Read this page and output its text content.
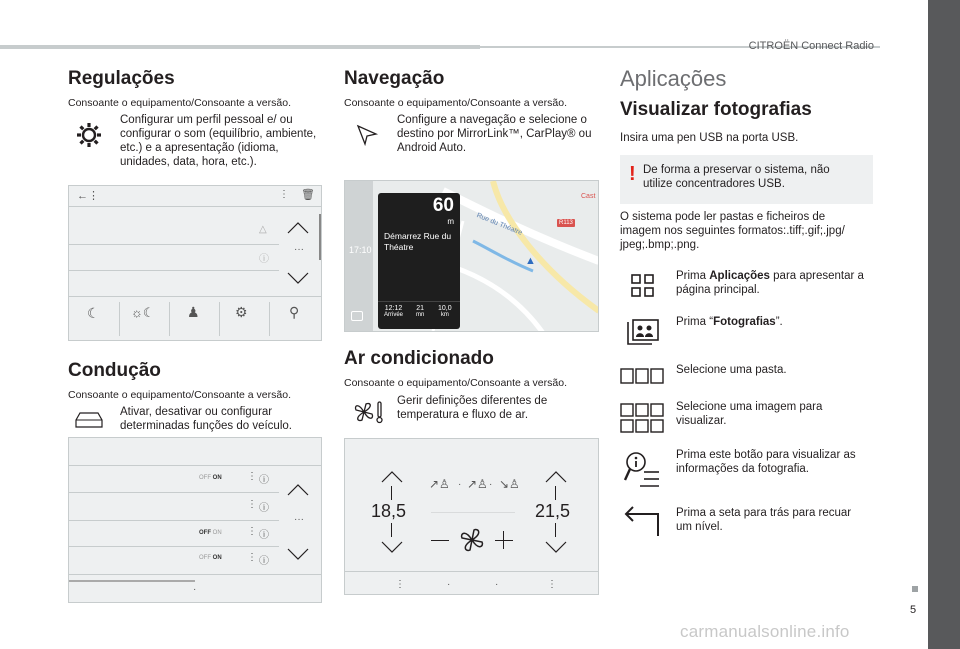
CITROËN Connect Radio
5
carmanualsonline.info
Regulações
Consoante o equipamento/Consoante a versão.
Configurar um perfil pessoal e/ ou configurar o som (equilíbrio, ambiente, etc.) e a apresentação (idioma, unidades, data, hora, etc.).
←⋮	⋮ 🗑
△
ⓘ
···
☾ ☼☾ ♟	⚙	⚲
Condução
Consoante o equipamento/Consoante a versão.
Ativar, desativar ou configurar determinadas funções do veículo.
OFF ON	⋮ ⓘ
⋮ ⓘ
OFF ON	⋮ ⓘ
OFF ON	⋮ ⓘ
···
·
Navegação
Consoante o equipamento/Consoante a versão.
Configure a navegação e selecione o destino por MirrorLink™, CarPlay® ou Android Auto.
17:10
R113
Rue du Théatre
Cast
▲
60
m
Démarrez Rue du Théatre
12:12
Arrivée
21
mn
10,0
km
Ar condicionado
Consoante o equipamento/Consoante a versão.
Gerir definições diferentes de temperatura e fluxo de ar.
18,5	21,5
↗♙ · ↗♙ · ↘♙
⋮	·	·	⋮
Aplicações
Visualizar fotografias
Insira uma pen USB na porta USB.
! De forma a preservar o sistema, não utilize concentradores USB.
O sistema pode ler pastas e ficheiros de imagem nos seguintes formatos:.tiff;.gif;.jpg/ jpeg;.bmp;.png.
Prima Aplicações para apresentar a página principal.
Prima “Fotografias”.
Selecione uma pasta.
Selecione uma imagem para visualizar.
Prima este botão para visualizar as informações da fotografia.
Prima a seta para trás para recuar um nível.
